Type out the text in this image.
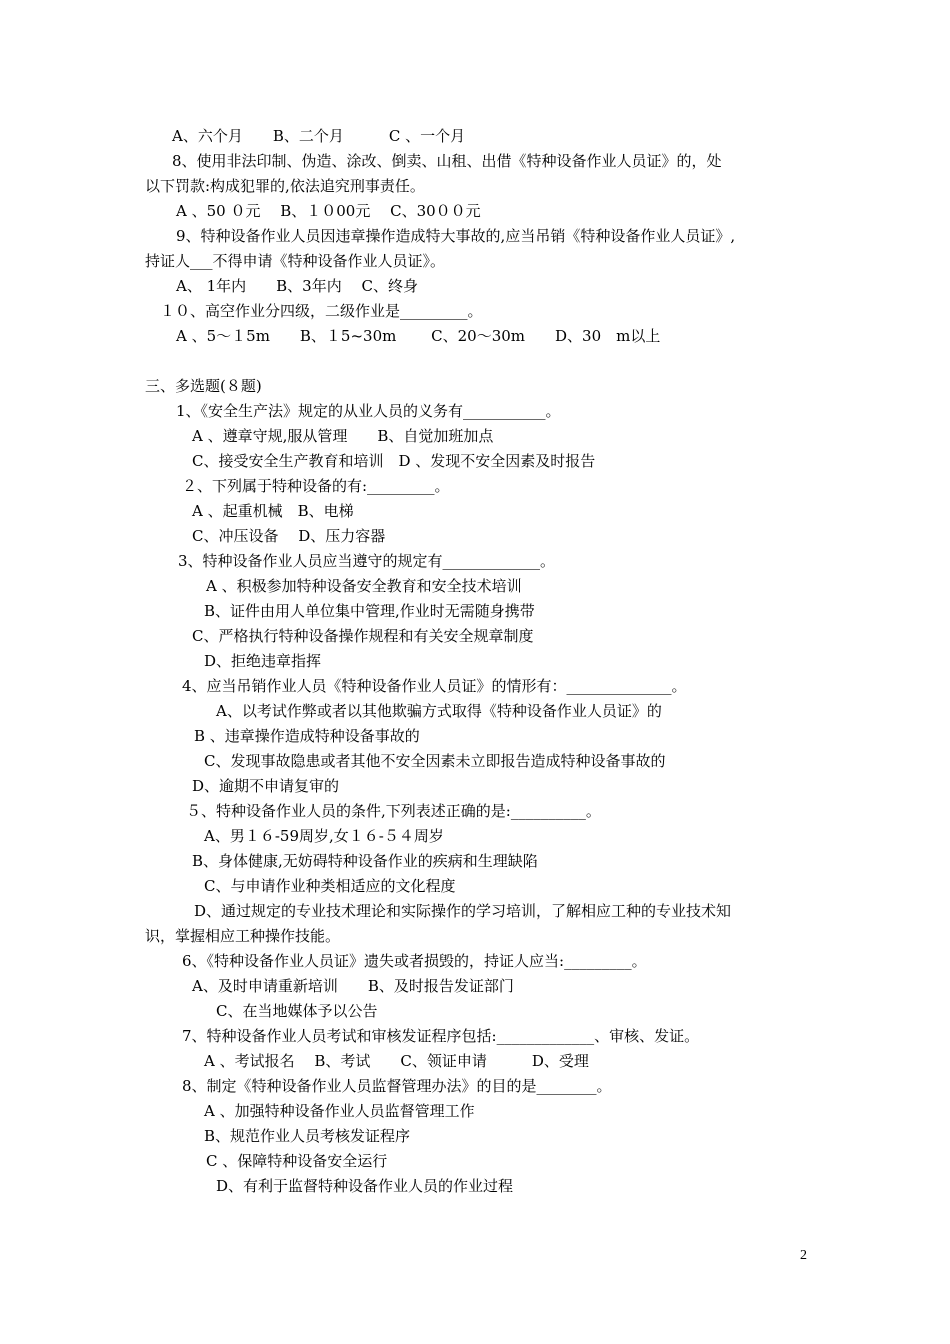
A、六个月　　B、二个月　　　C 、一个月
8、使用非法印制、伪造、涂改、倒卖、山租、出借《特种设备作业人员证》的，处
以下罚款:构成犯罪的,依法追究刑事责任。
A 、50 ０元　 B、１０00元　 C、30００元
9、特种设备作业人员因违章操作造成特大事故的,应当吊销《特种设备作业人员证》,
持证人___不得申请《特种设备作业人员证》。
A、 1年内　　B、3年内　 C、终身
１０、高空作业分四级，二级作业是_________。
A 、5～１5m　　B、１5~30m　　 C、20～30m　　D、30　m以上
三、多选题(８题)
1、《安全生产法》规定的从业人员的义务有___________。
A 、遵章守规,服从管理　　B、自觉加班加点
C、接受安全生产教育和培训　D 、发现不安全因素及时报告
２、下列属于特种设备的有:_________。
A 、起重机械　B、电梯
C、冲压设备　 D、压力容器
3、特种设备作业人员应当遵守的规定有_____________。
A 、积极参加特种设备安全教育和安全技术培训
B、证件由用人单位集中管理,作业时无需随身携带
C、严格执行特种设备操作规程和有关安全规章制度
D、拒绝违章指挥
4、应当吊销作业人员《特种设备作业人员证》的情形有：______________。
A、以考试作弊或者以其他欺骗方式取得《特种设备作业人员证》的
B 、违章操作造成特种设备事故的
C、发现事故隐患或者其他不安全因素未立即报告造成特种设备事故的
D、逾期不申请复审的
５、特种设备作业人员的条件,下列表述正确的是:__________。
A、男１６-59周岁,女１６-５４周岁
B、身体健康,无妨碍特种设备作业的疾病和生理缺陷
C、与申请作业种类相适应的文化程度
D、通过规定的专业技术理论和实际操作的学习培训，了解相应工种的专业技术知
识，掌握相应工种操作技能。
6、《特种设备作业人员证》遗失或者损毁的，持证人应当:_________。
A、及时申请重新培训　　B、及时报告发证部门
C、在当地媒体予以公告
7、特种设备作业人员考试和审核发证程序包括:_____________、审核、发证。
A 、考试报名　 B、考试　　C、领证申请　　　D、受理
8、制定《特种设备作业人员监督管理办法》的目的是________。
A 、加强特种设备作业人员监督管理工作
B、规范作业人员考核发证程序
C 、保障特种设备安全运行
D、有利于监督特种设备作业人员的作业过程
2
